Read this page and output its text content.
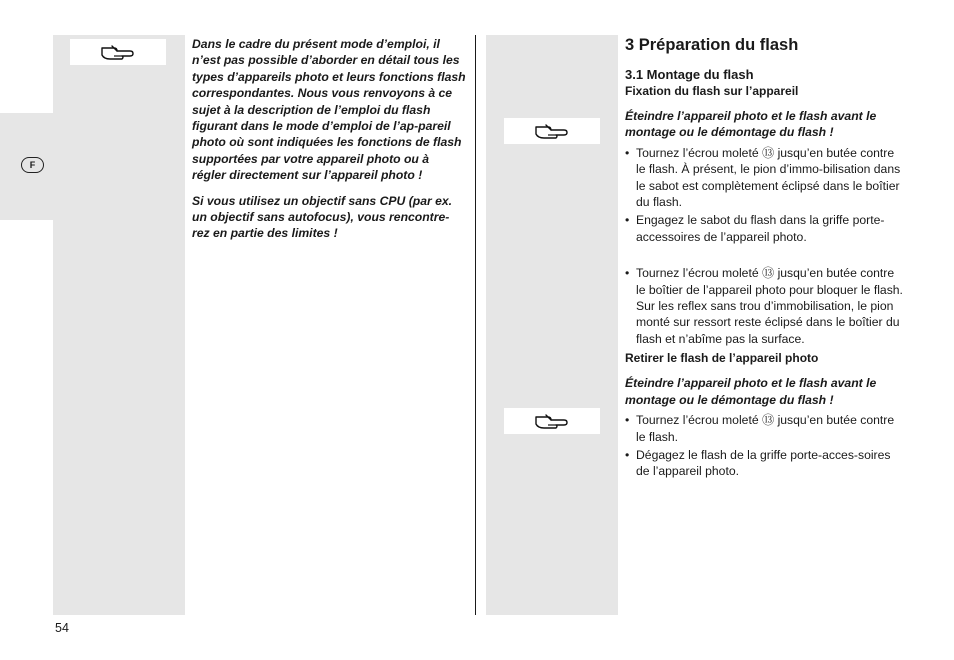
F

Dans le cadre du présent mode d’emploi, il n’est pas possible d’aborder en détail tous les types d’appareils photo et leurs fonctions flash correspondantes. Nous vous renvoyons à ce sujet à la description de l’emploi du flash figurant dans le mode d’emploi de l’ap-pareil photo où sont indiquées les fonctions de flash supportées par votre appareil photo ou à régler directement sur l’appareil photo !

Si vous utilisez un objectif sans CPU (par ex. un objectif sans autofocus), vous rencontre-rez en partie des limites !

3 Préparation du flash
3.1 Montage du flash
Fixation du flash sur l’appareil
Éteindre l’appareil photo et le flash avant le montage ou le démontage du flash !
• Tournez l’écrou moleté ⑬ jusqu’en butée contre le flash. À présent, le pion d’immo-bilisation dans le sabot est complètement éclipsé dans le boîtier du flash.
• Engagez le sabot du flash dans la griffe porte-accessoires de l’appareil photo.
• Tournez l’écrou moleté ⑬ jusqu’en butée contre le boîtier de l’appareil photo pour bloquer le flash. Sur les reflex sans trou d’immobilisation, le pion monté sur ressort reste éclipsé dans le boîtier du flash et n’abîme pas la surface.
Retirer le flash de l’appareil photo
Éteindre l’appareil photo et le flash avant le montage ou le démontage du flash !
• Tournez l’écrou moleté ⑬ jusqu’en butée contre le flash.
• Dégagez le flash de la griffe porte-acces-soires de l’appareil photo.
54
